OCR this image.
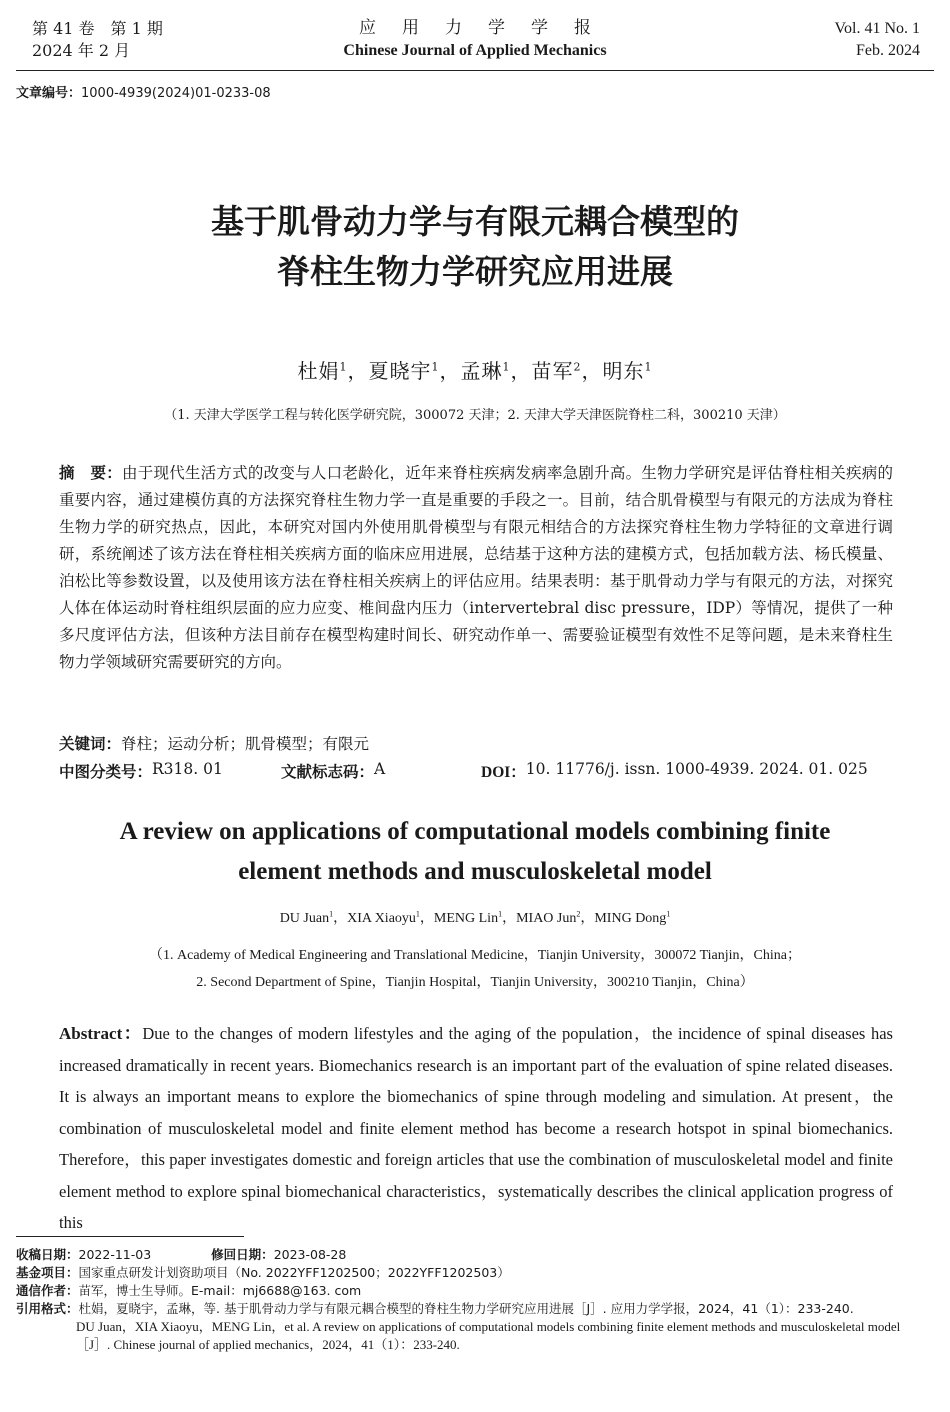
第 41 卷　第 1 期
2024 年 2 月
应用力学学报
Chinese Journal of Applied Mechanics
Vol. 41 No. 1
Feb. 2024
文章编号：1000-4939(2024)01-0233-08
基于肌骨动力学与有限元耦合模型的
脊柱生物力学研究应用进展
杜娟$^1$，夏晓宇$^1$，孟琳$^1$，苗军$^2$，明东$^1$
（1. 天津大学医学工程与转化医学研究院，300072 天津；2. 天津大学天津医院脊柱二科，300210 天津）
摘　要：由于现代生活方式的改变与人口老龄化，近年来脊柱疾病发病率急剧升高。生物力学研究是评估脊柱相关疾病的重要内容，通过建模仿真的方法探究脊柱生物力学一直是重要的手段之一。目前，结合肌骨模型与有限元的方法成为脊柱生物力学的研究热点，因此，本研究对国内外使用肌骨模型与有限元相结合的方法探究脊柱生物力学特征的文章进行调研，系统阐述了该方法在脊柱相关疾病方面的临床应用进展，总结基于这种方法的建模方式，包括加载方法、杨氏模量、泊松比等参数设置，以及使用该方法在脊柱相关疾病上的评估应用。结果表明：基于肌骨动力学与有限元的方法，对探究人体在体运动时脊柱组织层面的应力应变、椎间盘内压力（intervertebral disc pressure，IDP）等情况，提供了一种多尺度评估方法，但该种方法目前存在模型构建时间长、研究动作单一、需要验证模型有效性不足等问题，是未来脊柱生物力学领域研究需要研究的方向。
关键词：脊柱；运动分析；肌骨模型；有限元
中图分类号： R318. 01	文献标志码： A	DOI： 10. 11776/j. issn. 1000-4939. 2024. 01. 025
A review on applications of computational models combining finite
element methods and musculoskeletal model
DU Juan$^1$，XIA Xiaoyu$^1$，MENG Lin$^1$，MIAO Jun$^2$，MING Dong$^1$
（1. Academy of Medical Engineering and Translational Medicine，Tianjin University，300072 Tianjin，China；
2. Second Department of Spine，Tianjin Hospital，Tianjin University，300210 Tianjin，China）
Abstract：Due to the changes of modern lifestyles and the aging of the population，the incidence of spinal diseases has increased dramatically in recent years. Biomechanics research is an important part of the evaluation of spine related diseases. It is always an important means to explore the biomechanics of spine through modeling and simulation. At present，the combination of musculoskeletal model and finite element method has become a research hotspot in spinal biomechanics. Therefore，this paper investigates domestic and foreign articles that use the combination of musculoskeletal model and finite element method to explore spinal biomechanical characteristics，systematically describes the clinical application progress of this
收稿日期：2022-11-03	修回日期：2023-08-28
基金项目：国家重点研发计划资助项目（No. 2022YFF1202500；2022YFF1202503）
通信作者：苗军，博士生导师。E-mail：mj6688@163. com
引用格式：杜娟，夏晓宇，孟琳，等. 基于肌骨动力学与有限元耦合模型的脊柱生物力学研究应用进展［J］. 应用力学学报，2024，41（1）：233-240.
DU Juan，XIA Xiaoyu，MENG Lin，et al. A review on applications of computational models combining finite element methods and musculoskeletal model［J］. Chinese journal of applied mechanics，2024，41（1）：233-240.
